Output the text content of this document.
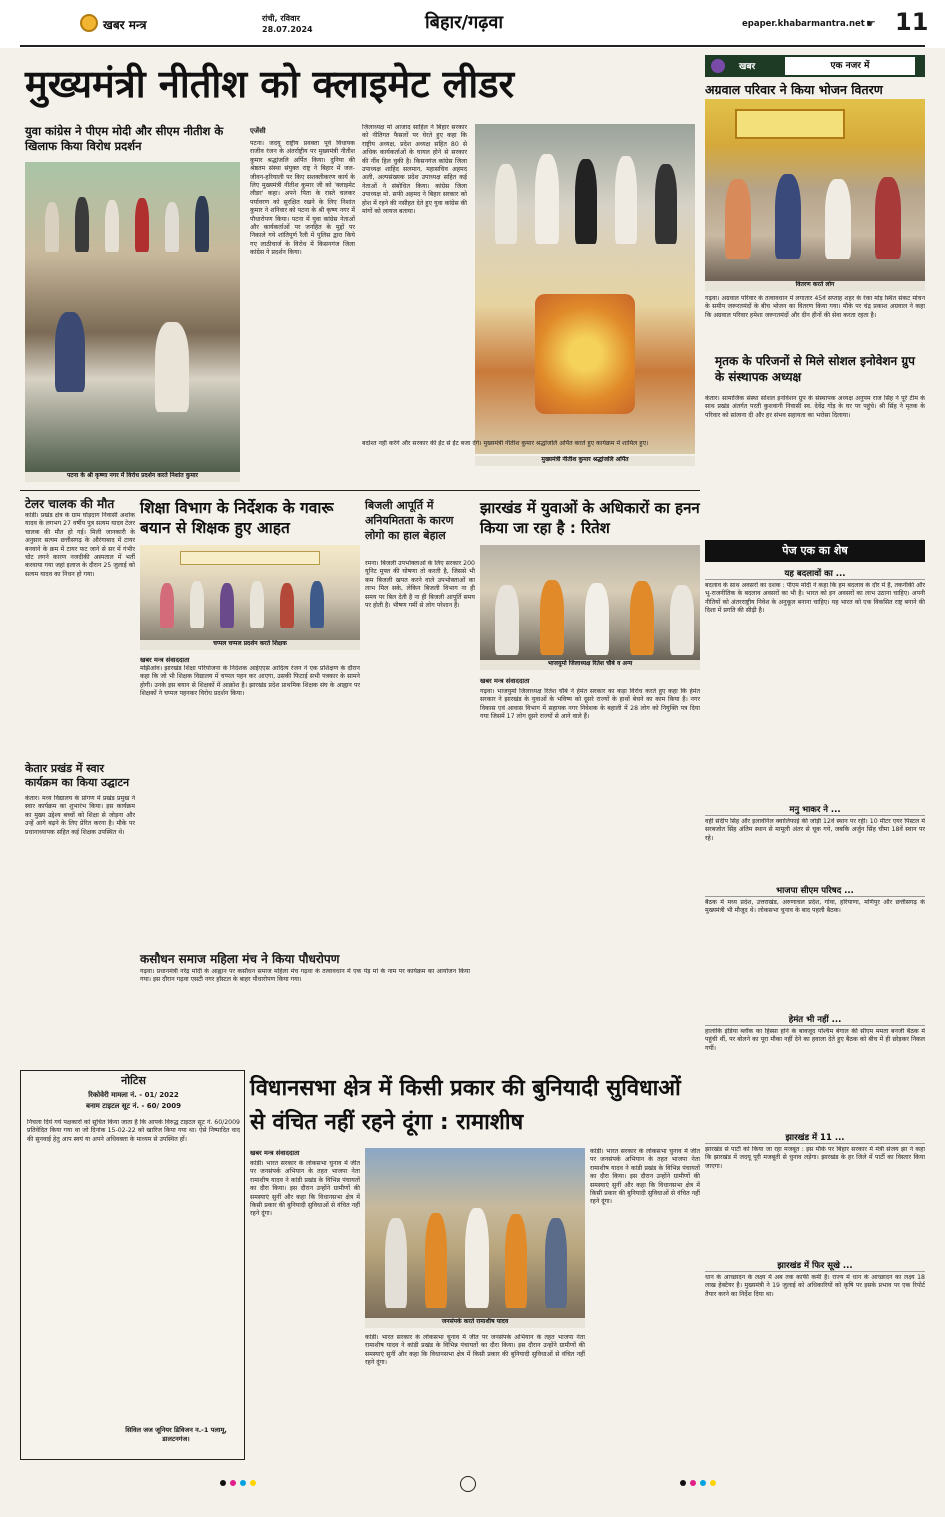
खबर मन्त्र	रांची, रविवार
28.07.2024	बिहार/गढ़वा	epaper.khabarmantra.net ☛ 11
मुख्यमंत्री नीतीश को क्लाइमेट लीडर
युवा कांग्रेस ने पीएम मोदी और सीएम नीतीश के खिलाफ किया विरोध प्रदर्शन
पटना के श्री कृष्णा नगर में विरोध प्रदर्शन करते निशांत कुमार
एजेंसी
पटना। जदयू राष्ट्रीय प्रवक्ता पूर्व विधायक राजीव रंजन के अंतर्राष्ट्रीय पर मुख्यमंत्री नीतीश कुमार श्रद्धांजलि अर्पित किया। दुनिया की श्रेष्ठतम संस्था संयुक्त राष्ट्र ने बिहार में जल-जीवन-हरियाली पर किए सशक्तीकरण कार्य के लिए मुख्यमंत्री नीतीश कुमार जी को 'क्लाइमेट लीडर' कहा। अपने पिता के रास्ते चलकर पर्यावरण को सुरक्षित रखने के लिए निशांत कुमार ने शनिवार को पटना के श्री कृष्ण नगर में पौधारोपण किया। पटना में युवा कांग्रेस नेताओं और कार्यकर्ताओं पर जनहित के मुद्दों पर निकाले गये शांतिपूर्ण रैली में पुलिस द्वारा किये गए लाठीचार्ज के विरोध में किसनगंज जिला कांग्रेस ने प्रदर्शन किया।
जिलाध्यक्ष मो आजाद साहिल ने बिहार सरकार को नीतिगत फैसलों पर घेरते हुए कहा कि राष्ट्रीय अध्यक्ष, प्रदेश अध्यक्ष सहित 80 से अधिक कार्यकर्ताओं के घायल होने से सरकार की नींव हिल चुकी है। किसनगंज कांग्रेस जिला उपाध्यक्ष शाहिद सलमान, महासचिव अहमद अली, अल्पसंख्यक प्रदेश उपाध्यक्ष सहित कई नेताओं ने संबोधित किया। कांग्रेस जिला उपाध्यक्ष मो. सफी अहमद ने बिहार सरकार को होश में रहने की नसीहत देते हुए युवा कांग्रेस की मांगों को जायज बताया।
मुख्यमंत्री नीतीश कुमार श्रद्धांजलि अर्पित
बर्दाश्त नहीं करेंगे और सरकार की ईंट से ईंट बजा देंगे। मुख्यमंत्री नीतीश कुमार श्रद्धांजलि अर्पित करते हुए कार्यक्रम में शामिल हुए।
खबर	एक नजर में
अग्रवाल परिवार ने किया भोजन वितरण
वितरण करते लोग
गढ़वा। अग्रवाल परिवार के तत्वावधान में लगातार 45वें सप्ताह शहर के रंका मोड़ स्थित संकट मोचन के समीप जरूरतमंदों के बीच भोजन का वितरण किया गया। मौके पर चंद्र प्रकाश अग्रवाल ने कहा कि अग्रवाल परिवार हमेशा जरूरतमंदों और दीन हीनों की सेवा करता रहता है।
मृतक के परिजनों से मिले सोशल इनोवेशन ग्रुप के संस्थापक अध्यक्ष
केतार। सामाजिक संस्था सोशल इनोवेशन ग्रुप के संस्थापक अध्यक्ष अनुपम राज सिंह ने पूरे टीम के साथ प्रखंड अंतर्गत परती कुशवानी निवासी स्व. देवेंद्र गोंड़ के घर पर पहुंचे। श्री सिंह ने मृतक के परिवार को सांत्वना दी और हर संभव सहायता का भरोसा दिलाया।
टेलर चालक की मौत
कांडी। प्रखंड क्षेत्र के ग्राम घोड़दाग निवासी अशोक यादव के लगभग 27 वर्षीय पुत्र सत्यम यादव टेलर चालक की मौत हो गई। मिली जानकारी के अनुसार सत्यम छत्तीसगढ़ के औरंगाबाद में टायर बनवाने के क्रम में टायर फट जाने से सर में गंभीर चोट लगने कारण नजदीकी अस्पताल में भर्ती करवाया गया जहां इलाज के दौरान 25 जुलाई को सत्यम यादव का निधन हो गया।
केतार प्रखंड में स्वार कार्यक्रम का किया उद्घाटन
केतार। मध्य विद्यालय के प्रांगण में प्रखंड प्रमुख ने स्वार कार्यक्रम का शुभारंभ किया। इस कार्यक्रम का मुख्य उद्देश्य बच्चों को शिक्षा से जोड़ना और उन्हें आगे बढ़ने के लिए प्रेरित करना है। मौके पर प्रधानाध्यापक सहित कई शिक्षक उपस्थित थे।
शिक्षा विभाग के निर्देशक के गवारू बयान से शिक्षक हुए आहत
चप्पल चप्पल प्रदर्शन करते शिक्षक
खबर मन्त्र संवाददाता
मझिआंव। झारखंड शिक्षा परियोजना के निदेशक आईएएस आदित्य रंजन ने एक प्रशिक्षण के दौरान कहा कि जो भी शिक्षक विद्यालय में चप्पल पहन कर आएगा, उसकी फिटाई सभी पत्रकार के सामने होगी। उनके इस बयान से शिक्षकों में आक्रोश है। झारखंड प्रदेश प्राथमिक शिक्षक संघ के आह्वान पर शिक्षकों ने चप्पल पहनकर विरोध प्रदर्शन किया।
बिजली आपूर्ति में अनियमितता के कारण लोगो का हाल बेहाल
रमना। बिजली उपभोक्ताओं के लिए सरकार 200 यूनिट मुफ्त की घोषणा तो करती है, जिससे भी कम बिजली खपत करने वाले उपभोक्ताओं का लाभ मिल सके, लेकिन बिजली विभाग ना ही समय पर बिल देती है ना ही बिजली आपूर्ति समय पर होती है। भीषण गर्मी से लोग परेशान हैं।
झारखंड में युवाओं के अधिकारों का हनन किया जा रहा है : रितेश
भाजयुमो जिलाध्यक्ष रितेश चौबे व अन्य
खबर मन्त्र संवाददाता
गढ़वा। भाजयुमो जिलाध्यक्ष रितेश चौबे ने हेमंत सरकार का कड़ा विरोध करते हुए कहा कि हेमंत सरकार ने झारखंड के युवाओं के भविष्य को दूसरे राज्यों के हाथों बेचने का काम किया है। नगर विकास एवं आवास विभाग में सहायक नगर निवेशक के बहाली में 28 लोग को नियुक्ति पत्र दिया गया जिसमें 17 लोग दूसरे राज्यों से आने वाले हैं।
कसौधन समाज महिला मंच ने किया पौधरोपण
गढ़वा। प्रधानमंत्री नरेंद्र मोदी के आह्वान पर कसौधन समाज महिला मंच गढ़वा के तत्वावधान में एक पेड़ मां के नाम पर कार्यक्रम का आयोजन किया गया। इस दौरान गढ़वा एसटी नगर हॉस्टल के बाहर पौधारोपण किया गया।
पेज एक का शेष
यह बदलावों का ...
बदलाव के साथ अवसरों का दशक : पीएम मोदी ने कहा कि हम बदलाव के दौर में हैं, तकनीकी और भू-राजनीतिक के बदलाव अवसरों का भी है। भारत को इन अवसरों का लाभ उठाना चाहिए। अपनी नीतियों को अंतरराष्ट्रीय निवेश के अनुकूल बनाना चाहिए। यह भारत को एक विकसित राष्ट्र बनाने की दिशा में प्रगति की सीढ़ी है।
मनु भाकर ने ...
वहीं संदीप सिंह और इलावेनिल क्वालिफाई की जोड़ी 12वें स्थान पर रही। 10 मीटर एयर पिस्टल में सरबजोत सिंह अंतिम स्थान से मामूली अंतर से चूक गये, जबकि अर्जुन सिंह चीमा 18वें स्थान पर रहे।
भाजपा सीएम परिषद ...
बैठक में मध्य प्रदेश, उत्तराखंड, अरुणाचल प्रदेश, गोवा, हरियाणा, मणिपुर और छत्तीसगढ़ के मुख्यमंत्री भी मौजूद थे। लोकसभा चुनाव के बाद पहली बैठक।
हेमंत भी नहीं ...
हालांकि इंडिया ब्लॉक का हिस्सा होने के बावजूद पश्चिम बंगाल की सीएम ममता बनर्जी बैठक में पहुंची थीं, पर बोलने का पूरा मौका नहीं देने का हवाला देते हुए बैठक को बीच में ही छोड़कर निकल गयीं।
झारखंड में 11 ...
झारखंड से पार्टी को किया जा रहा मजबूत : इस मौके पर बिहार सरकार में मंत्री संजय झा ने कहा कि झारखंड में जदयू पूरी मजबूती से चुनाव लड़ेगा। झारखंड के हर जिले में पार्टी का विस्तार किया जाएगा।
झारखंड में फिर सूखे ...
धान के आच्छादन के लक्ष्य में अब तक काफी कमी है। राज्य में धान के आच्छादन का लक्ष्य 18 लाख हेक्टेयर है। मुख्यमंत्री ने 19 जुलाई को अधिकारियों को कृषि पर इसके प्रभाव पर एक रिपोर्ट तैयार करने का निर्देश दिया था।
नोटिस
रिकोवेरी मामला नं. - 01/ 2022
बनाम टाइटल सूट नं. - 60/ 2009
निचला दिये गये पक्षकारों को सूचित किया जाता है कि आपके विरुद्ध टाइटल सूट नं. 60/2009 प्रतिवेदित किया गया था जो दिनांक 15-02-22 को खारिज किया गया था। ऐसे निष्पादित वाद की सुनवाई हेतु आप स्वयं या अपने अधिवक्ता के माध्यम से उपस्थित हों।
सिविल जज जूनियर डिविजन न.-1 पलामू, डालटनगंज।
विधानसभा क्षेत्र में किसी प्रकार की बुनियादी सुविधाओं से वंचित नहीं रहने दूंगा : रामाशीष
खबर मन्त्र संवाददाता
कांडी। भारत सरकार के लोकसभा चुनाव में जीत पर जनसंपर्क अभियान के तहत भाजपा नेता रामाशीष यादव ने कांडी प्रखंड के विभिन्न पंचायतों का दौरा किया। इस दौरान उन्होंने ग्रामीणों की समस्याएं सुनीं और कहा कि विधानसभा क्षेत्र में किसी प्रकार की बुनियादी सुविधाओं से वंचित नहीं रहने दूंगा।
जनसंपर्क करते रामाशीष यादव
कांडी। भारत सरकार के लोकसभा चुनाव में जीत पर जनसंपर्क अभियान के तहत भाजपा नेता रामाशीष यादव ने कांडी प्रखंड के विभिन्न पंचायतों का दौरा किया। इस दौरान उन्होंने ग्रामीणों की समस्याएं सुनीं और कहा कि विधानसभा क्षेत्र में किसी प्रकार की बुनियादी सुविधाओं से वंचित नहीं रहने दूंगा।
कांडी। भारत सरकार के लोकसभा चुनाव में जीत पर जनसंपर्क अभियान के तहत भाजपा नेता रामाशीष यादव ने कांडी प्रखंड के विभिन्न पंचायतों का दौरा किया। इस दौरान उन्होंने ग्रामीणों की समस्याएं सुनीं और कहा कि विधानसभा क्षेत्र में किसी प्रकार की बुनियादी सुविधाओं से वंचित नहीं रहने दूंगा।
